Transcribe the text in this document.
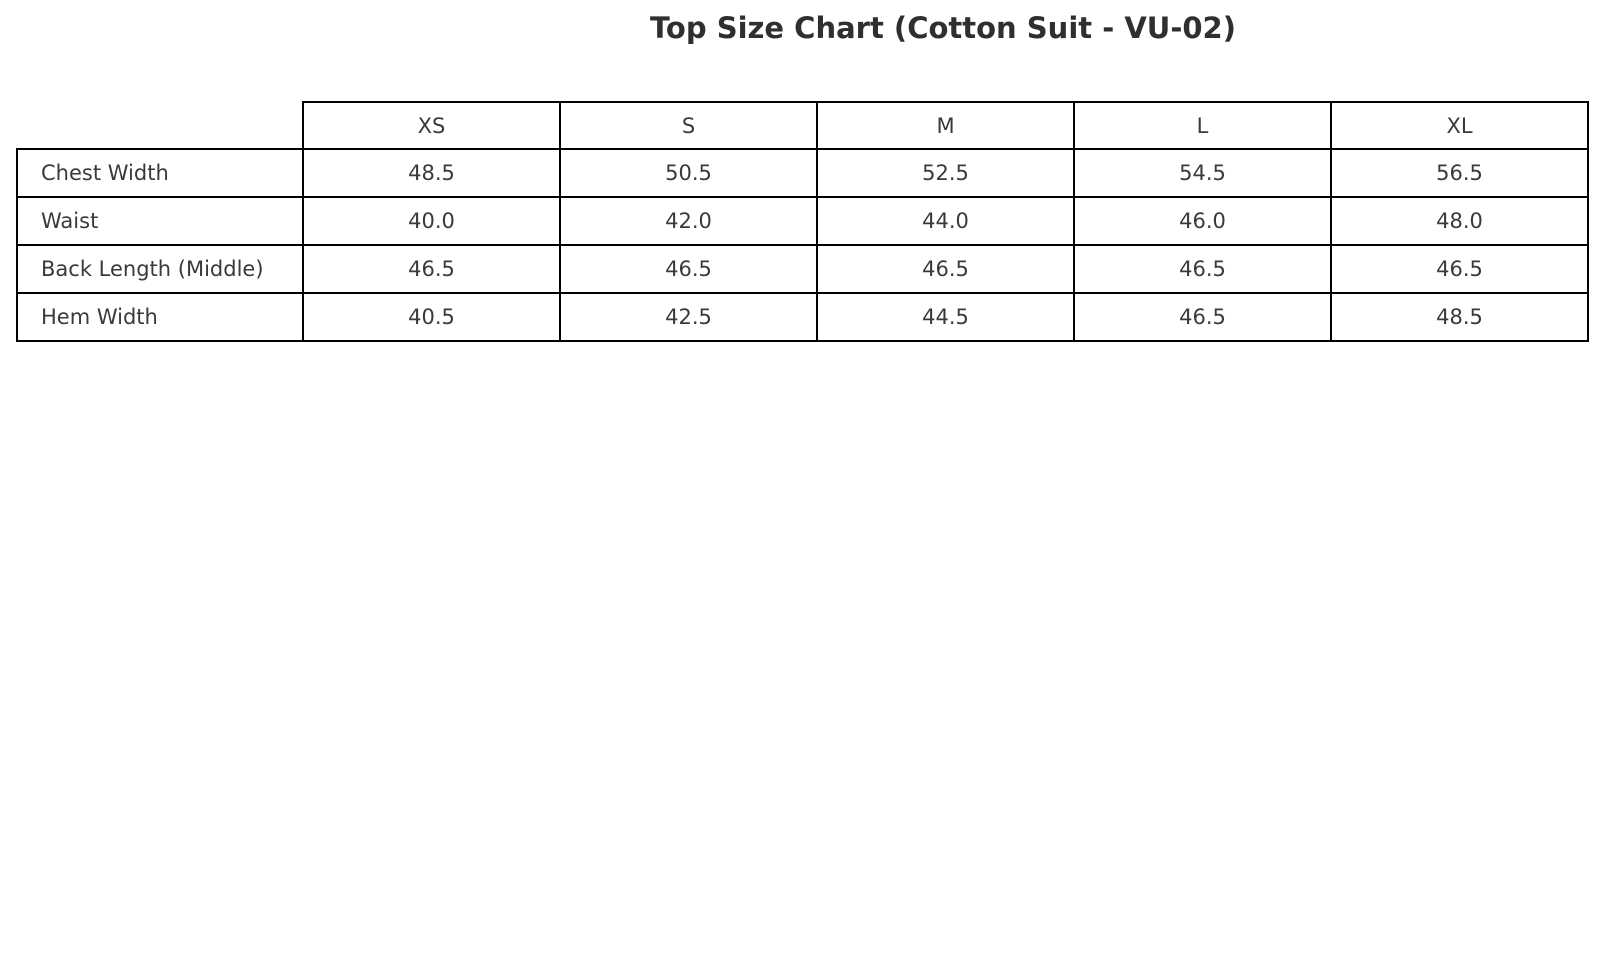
Top Size Chart (Cotton Suit - VU-02)
	XS	S	M	L	XL
Chest Width	48.5	50.5	52.5	54.5	56.5
Waist	40.0	42.0	44.0	46.0	48.0
Back Length (Middle)	46.5	46.5	46.5	46.5	46.5
Hem Width	40.5	42.5	44.5	46.5	48.5
